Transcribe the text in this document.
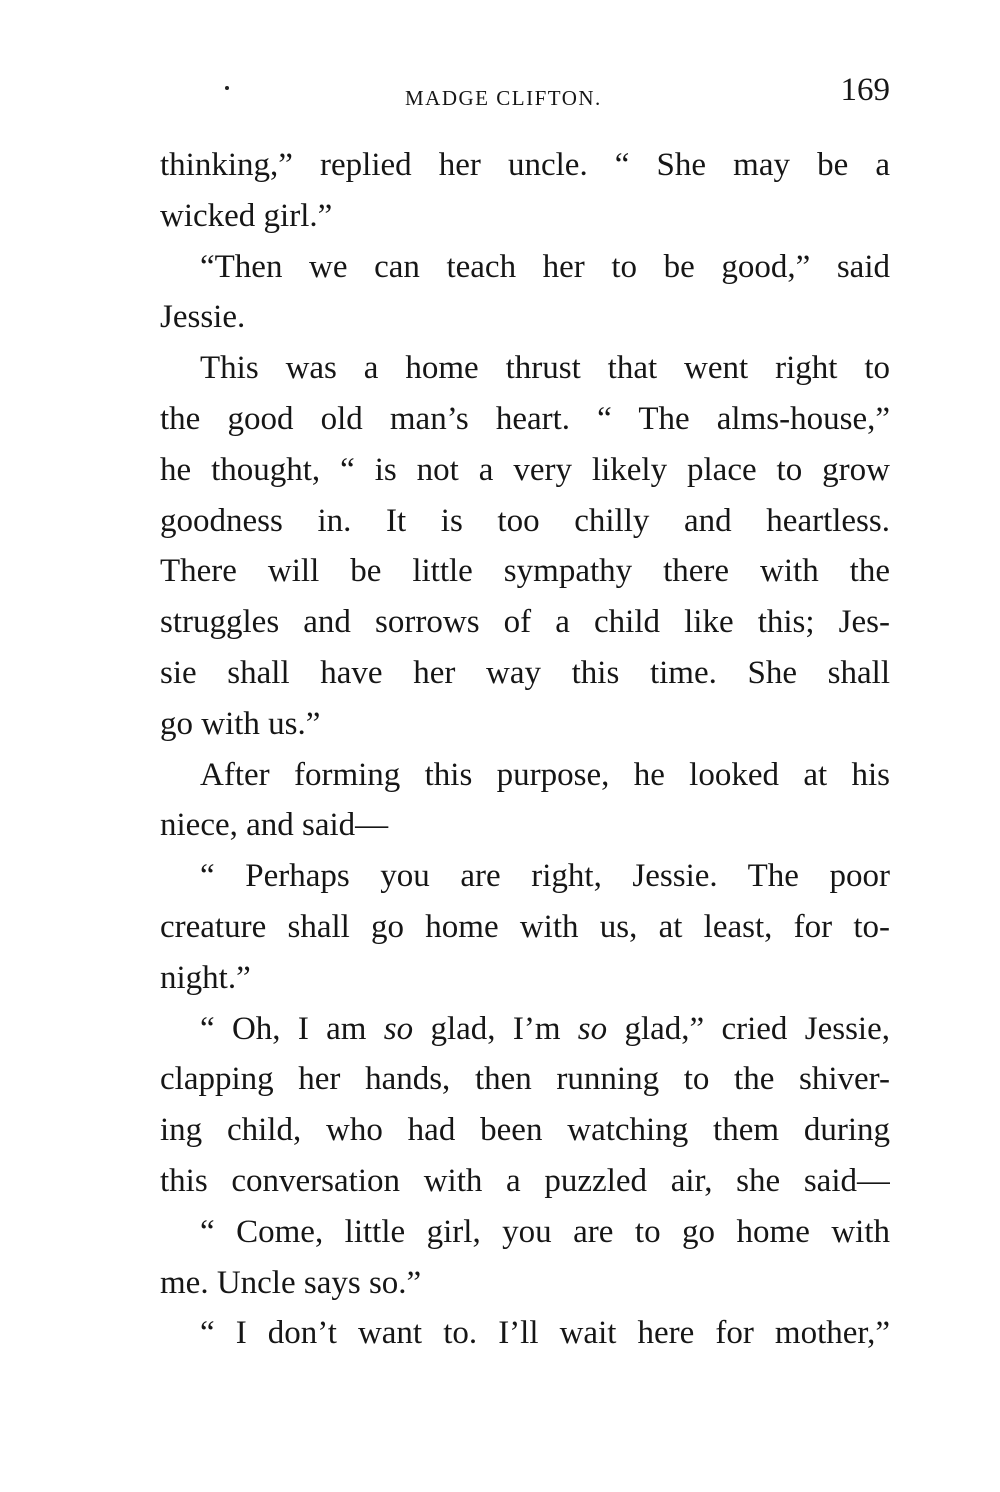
MADGE CLIFTON.	169
thinking,” replied her uncle. “ She may be a
wicked girl.”
“Then we can teach her to be good,” said
Jessie.
This was a home thrust that went right to
the good old man’s heart. “ The alms-house,”
he thought, “ is not a very likely place to grow
goodness in. It is too chilly and heartless.
There will be little sympathy there with the
struggles and sorrows of a child like this; Jes-
sie shall have her way this time. She shall
go with us.”
After forming this purpose, he looked at his
niece, and said—
“ Perhaps you are right, Jessie. The poor
creature shall go home with us, at least, for to-
night.”
“ Oh, I am so glad, I’m so glad,” cried Jessie,
clapping her hands, then running to the shiver-
ing child, who had been watching them during
this conversation with a puzzled air, she said—
“ Come, little girl, you are to go home with
me. Uncle says so.”
“ I don’t want to. I’ll wait here for mother,”
